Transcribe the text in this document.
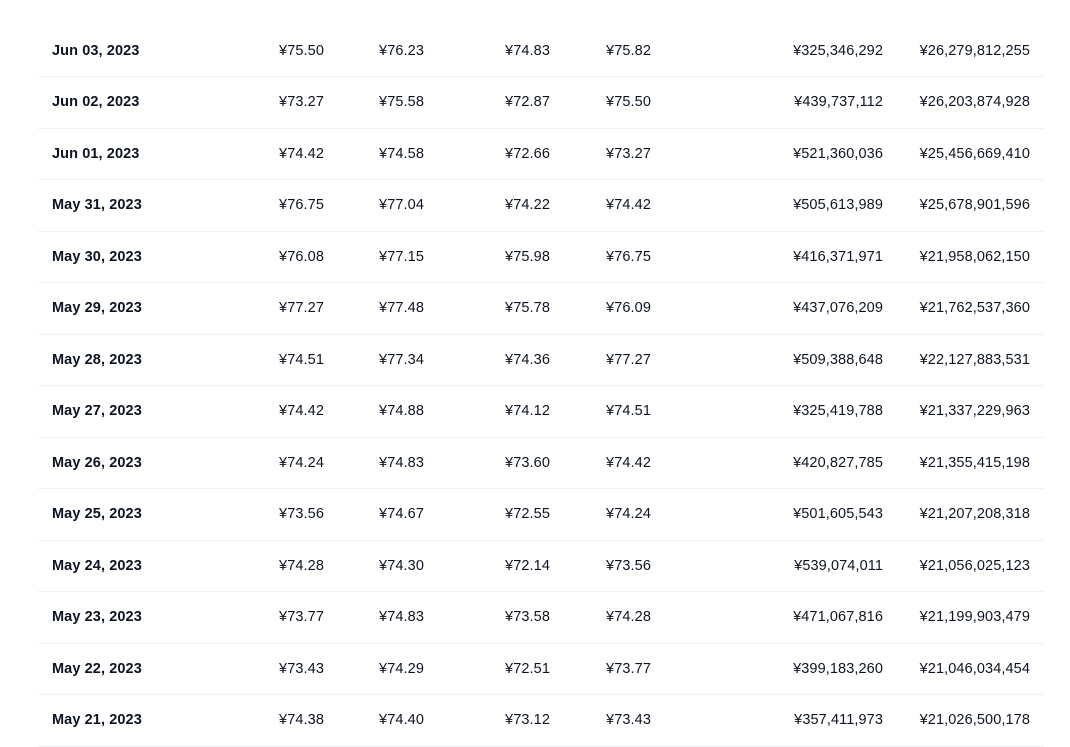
Jun 03, 2023	¥75.50	¥76.23	¥74.83	¥75.82	¥325,346,292	¥26,279,812,255
Jun 02, 2023	¥73.27	¥75.58	¥72.87	¥75.50	¥439,737,112	¥26,203,874,928
Jun 01, 2023	¥74.42	¥74.58	¥72.66	¥73.27	¥521,360,036	¥25,456,669,410
May 31, 2023	¥76.75	¥77.04	¥74.22	¥74.42	¥505,613,989	¥25,678,901,596
May 30, 2023	¥76.08	¥77.15	¥75.98	¥76.75	¥416,371,971	¥21,958,062,150
May 29, 2023	¥77.27	¥77.48	¥75.78	¥76.09	¥437,076,209	¥21,762,537,360
May 28, 2023	¥74.51	¥77.34	¥74.36	¥77.27	¥509,388,648	¥22,127,883,531
May 27, 2023	¥74.42	¥74.88	¥74.12	¥74.51	¥325,419,788	¥21,337,229,963
May 26, 2023	¥74.24	¥74.83	¥73.60	¥74.42	¥420,827,785	¥21,355,415,198
May 25, 2023	¥73.56	¥74.67	¥72.55	¥74.24	¥501,605,543	¥21,207,208,318
May 24, 2023	¥74.28	¥74.30	¥72.14	¥73.56	¥539,074,011	¥21,056,025,123
May 23, 2023	¥73.77	¥74.83	¥73.58	¥74.28	¥471,067,816	¥21,199,903,479
May 22, 2023	¥73.43	¥74.29	¥72.51	¥73.77	¥399,183,260	¥21,046,034,454
May 21, 2023	¥74.38	¥74.40	¥73.12	¥73.43	¥357,411,973	¥21,026,500,178
